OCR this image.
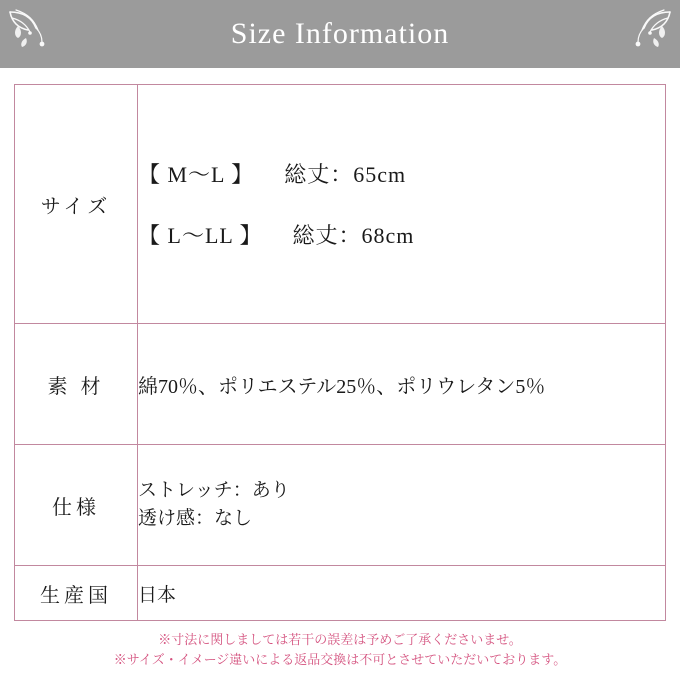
Size Information
サイズ	【 M〜L 】 総丈：65cm
【 L〜LL 】 総丈：68cm

素 材	綿70％、ポリエステル25％、ポリウレタン5％

仕様	ストレッチ：あり
透け感：なし

生産国	日本
※寸法に関しましては若干の誤差は予めご了承くださいませ。
※サイズ・イメージ違いによる返品交換は不可とさせていただいております。
